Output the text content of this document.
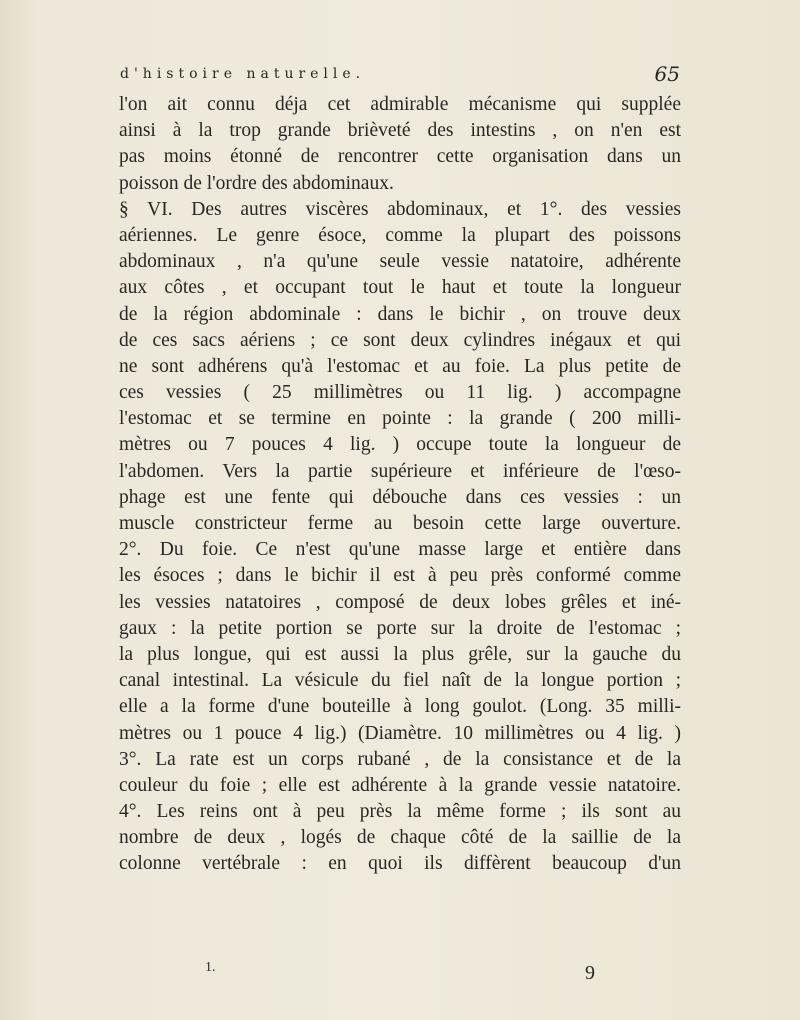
d'histoire naturelle.	65
l'on ait connu déja cet admirable mécanisme qui supplée
ainsi à la trop grande brièveté des intestins , on n'en est
pas moins étonné de rencontrer cette organisation dans un
poisson de l'ordre des abdominaux.
§ VI. Des autres viscères abdominaux, et 1°. des vessies
aériennes. Le genre ésoce, comme la plupart des poissons
abdominaux , n'a qu'une seule vessie natatoire, adhérente
aux côtes , et occupant tout le haut et toute la longueur
de la région abdominale : dans le bichir , on trouve deux
de ces sacs aériens ; ce sont deux cylindres inégaux et qui
ne sont adhérens qu'à l'estomac et au foie. La plus petite de
ces vessies ( 25 millimètres ou 11 lig. ) accompagne
l'estomac et se termine en pointe : la grande ( 200 milli-
mètres ou 7 pouces 4 lig. ) occupe toute la longueur de
l'abdomen. Vers la partie supérieure et inférieure de l'œso-
phage est une fente qui débouche dans ces vessies : un
muscle constricteur ferme au besoin cette large ouverture.
2°. Du foie. Ce n'est qu'une masse large et entière dans
les ésoces ; dans le bichir il est à peu près conformé comme
les vessies natatoires , composé de deux lobes grêles et iné-
gaux : la petite portion se porte sur la droite de l'estomac ;
la plus longue, qui est aussi la plus grêle, sur la gauche du
canal intestinal. La vésicule du fiel naît de la longue portion ;
elle a la forme d'une bouteille à long goulot. (Long. 35 milli-
mètres ou 1 pouce 4 lig.) (Diamètre. 10 millimètres ou 4 lig. )
3°. La rate est un corps rubané , de la consistance et de la
couleur du foie ; elle est adhérente à la grande vessie natatoire.
4°. Les reins ont à peu près la même forme ; ils sont au
nombre de deux , logés de chaque côté de la saillie de la
colonne vertébrale : en quoi ils diffèrent beaucoup d'un
1.	9
